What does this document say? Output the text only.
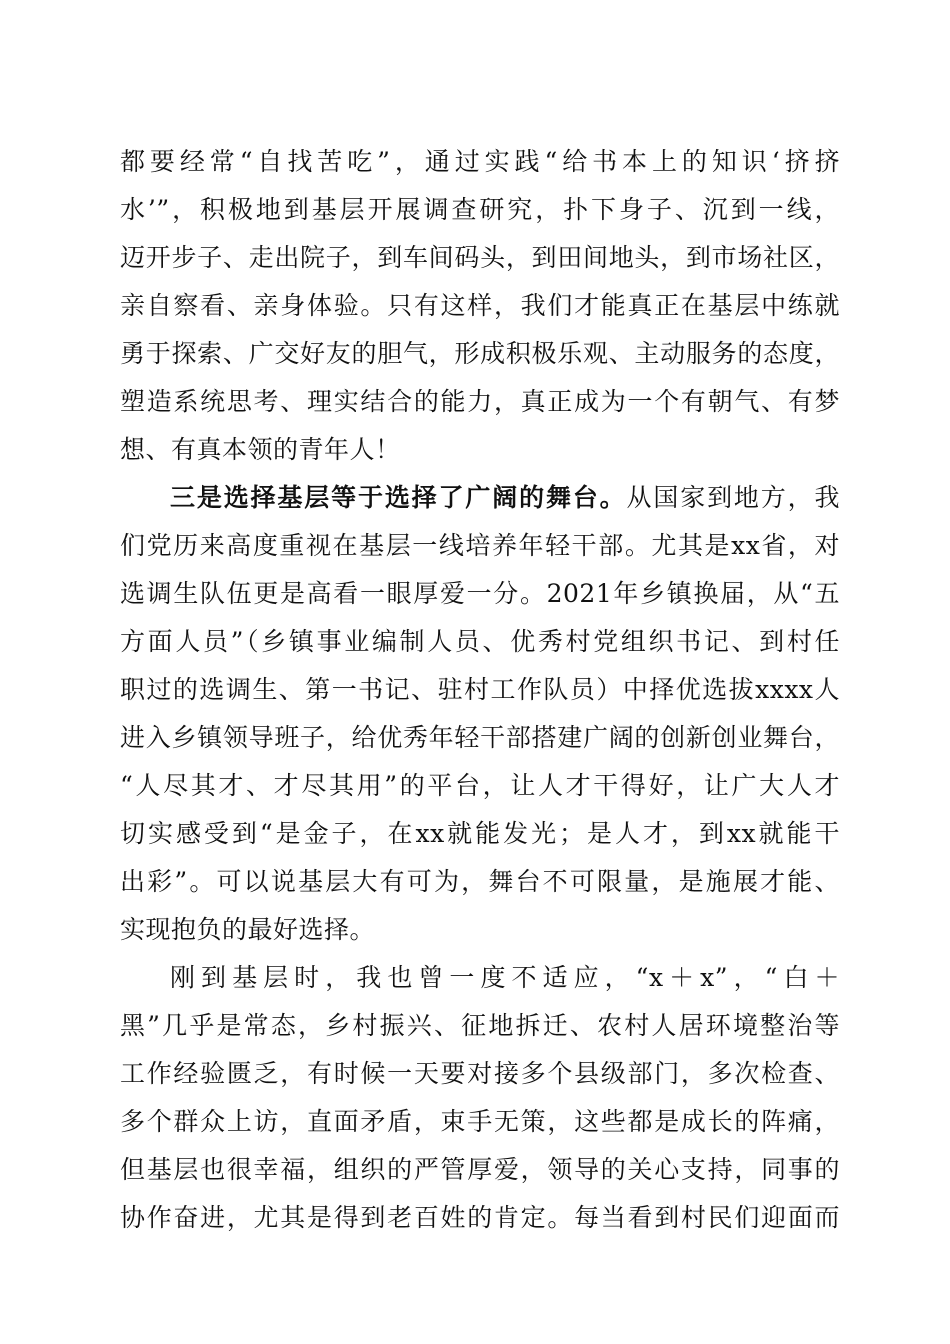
都要经常“自找苦吃”，通过实践“给书本上的知识‘挤挤
水’”，积极地到基层开展调查研究，扑下身子、沉到一线，
迈开步子、走出院子，到车间码头，到田间地头，到市场社区，
亲自察看、亲身体验。只有这样，我们才能真正在基层中练就
勇于探索、广交好友的胆气，形成积极乐观、主动服务的态度，
塑造系统思考、理实结合的能力，真正成为一个有朝气、有梦
想、有真本领的青年人！
三是选择基层等于选择了广阔的舞台。从国家到地方，我
们党历来高度重视在基层一线培养年轻干部。尤其是xx省，对
选调生队伍更是高看一眼厚爱一分。2021年乡镇换届，从“五
方面人员”（乡镇事业编制人员、优秀村党组织书记、到村任
职过的选调生、第一书记、驻村工作队员）中择优选拔xxxx人
进入乡镇领导班子，给优秀年轻干部搭建广阔的创新创业舞台，
“人尽其才、才尽其用”的平台，让人才干得好，让广大人才
切实感受到“是金子，在xx就能发光；是人才，到xx就能干
出彩”。可以说基层大有可为，舞台不可限量，是施展才能、
实现抱负的最好选择。
刚到基层时，我也曾一度不适应，“x＋x”，“白＋
黑”几乎是常态，乡村振兴、征地拆迁、农村人居环境整治等
工作经验匮乏，有时候一天要对接多个县级部门，多次检查、
多个群众上访，直面矛盾，束手无策，这些都是成长的阵痛，
但基层也很幸福，组织的严管厚爱，领导的关心支持，同事的
协作奋进，尤其是得到老百姓的肯定。每当看到村民们迎面而
